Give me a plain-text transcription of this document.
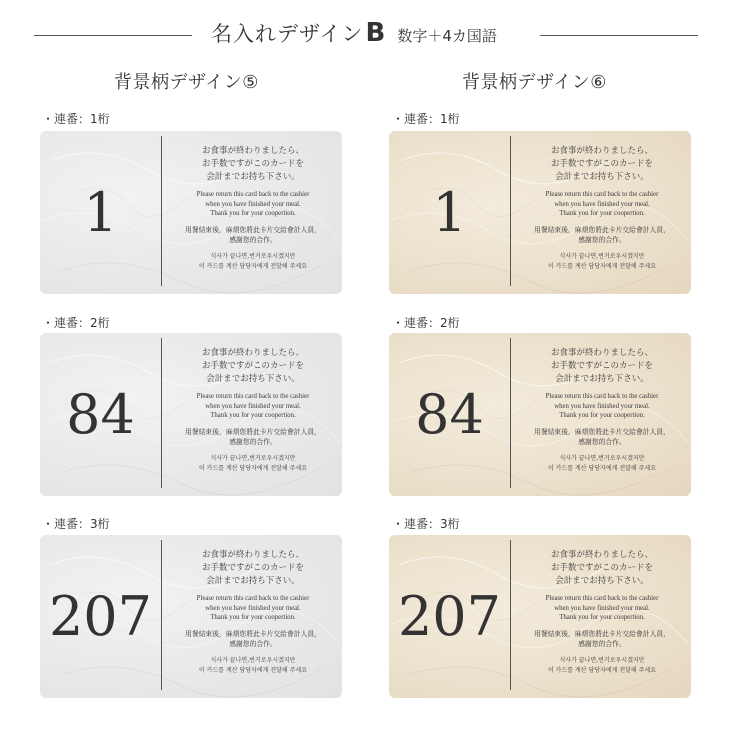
名入れデザイン B 数字＋4カ国語
背景柄デザイン⑤	背景柄デザイン⑥
・連番：1桁	・連番：1桁
・連番：2桁	・連番：2桁
・連番：3桁	・連番：3桁
1
お食事が終わりましたら、
お手数ですがこのカードを
会計までお持ち下さい。
Please return this card back to the cashier
when you have finished your meal.
Thank you for your coopertion.
用餐結束後，麻煩您將此卡片交給會計人員，
感謝您的合作。
식사가 끝나면,번거로우시겠지만
이 카드를 계산 담당자에게 전달해 주세요
84
お食事が終わりましたら、
お手数ですがこのカードを
会計までお持ち下さい。
Please return this card back to the cashier
when you have finished your meal.
Thank you for your coopertion.
用餐結束後，麻煩您將此卡片交給會計人員，
感謝您的合作。
식사가 끝나면,번거로우시겠지만
이 카드를 계산 담당자에게 전달해 주세요
207
お食事が終わりましたら、
お手数ですがこのカードを
会計までお持ち下さい。
Please return this card back to the cashier
when you have finished your meal.
Thank you for your coopertion.
用餐結束後，麻煩您將此卡片交給會計人員，
感謝您的合作。
식사가 끝나면,번거로우시겠지만
이 카드를 계산 담당자에게 전달해 주세요
1
お食事が終わりましたら、
お手数ですがこのカードを
会計までお持ち下さい。
Please return this card back to the cashier
when you have finished your meal.
Thank you for your coopertion.
用餐結束後，麻煩您將此卡片交給會計人員，
感謝您的合作。
식사가 끝나면,번거로우시겠지만
이 카드를 계산 담당자에게 전달해 주세요
84
お食事が終わりましたら、
お手数ですがこのカードを
会計までお持ち下さい。
Please return this card back to the cashier
when you have finished your meal.
Thank you for your coopertion.
用餐結束後，麻煩您將此卡片交給會計人員，
感謝您的合作。
식사가 끝나면,번거로우시겠지만
이 카드를 계산 담당자에게 전달해 주세요
207
お食事が終わりましたら、
お手数ですがこのカードを
会計までお持ち下さい。
Please return this card back to the cashier
when you have finished your meal.
Thank you for your coopertion.
用餐結束後，麻煩您將此卡片交給會計人員，
感謝您的合作。
식사가 끝나면,번거로우시겠지만
이 카드를 계산 담당자에게 전달해 주세요
